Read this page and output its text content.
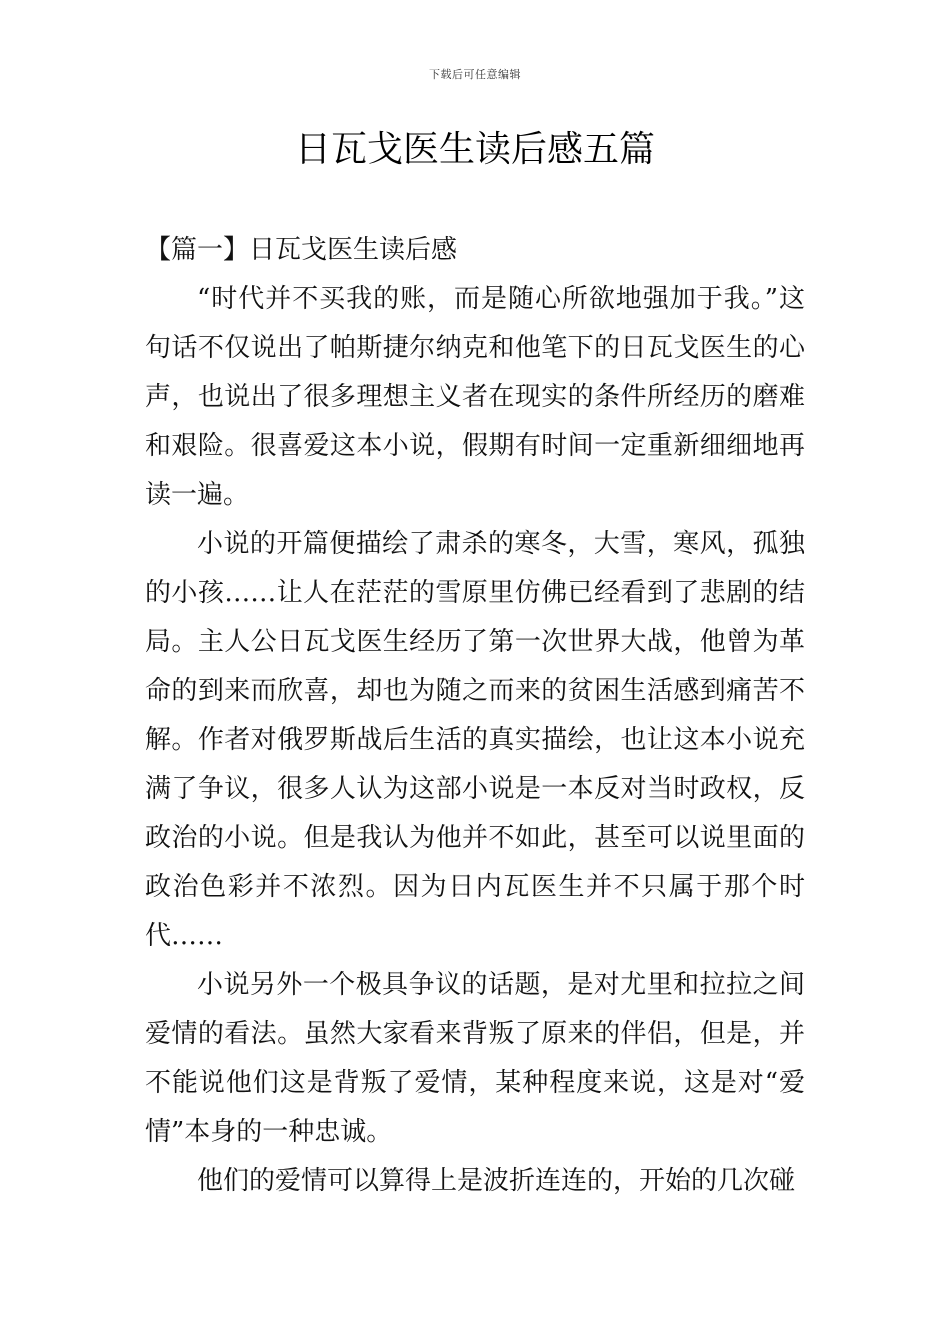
下载后可任意编辑
日瓦戈医生读后感五篇
【篇一】日瓦戈医生读后感

“时代并不买我的账，而是随心所欲地强加于我。”这句话不仅说出了帕斯捷尔纳克和他笔下的日瓦戈医生的心声，也说出了很多理想主义者在现实的条件所经历的磨难和艰险。很喜爱这本小说，假期有时间一定重新细细地再读一遍。

小说的开篇便描绘了肃杀的寒冬，大雪，寒风，孤独的小孩……让人在茫茫的雪原里仿佛已经看到了悲剧的结局。主人公日瓦戈医生经历了第一次世界大战，他曾为革命的到来而欣喜，却也为随之而来的贫困生活感到痛苦不解。作者对俄罗斯战后生活的真实描绘，也让这本小说充满了争议，很多人认为这部小说是一本反对当时政权，反政治的小说。但是我认为他并不如此，甚至可以说里面的政治色彩并不浓烈。因为日内瓦医生并不只属于那个时代……

小说另外一个极具争议的话题，是对尤里和拉拉之间爱情的看法。虽然大家看来背叛了原来的伴侣，但是，并不能说他们这是背叛了爱情，某种程度来说，这是对“爱情”本身的一种忠诚。

他们的爱情可以算得上是波折连连的，开始的几次碰
